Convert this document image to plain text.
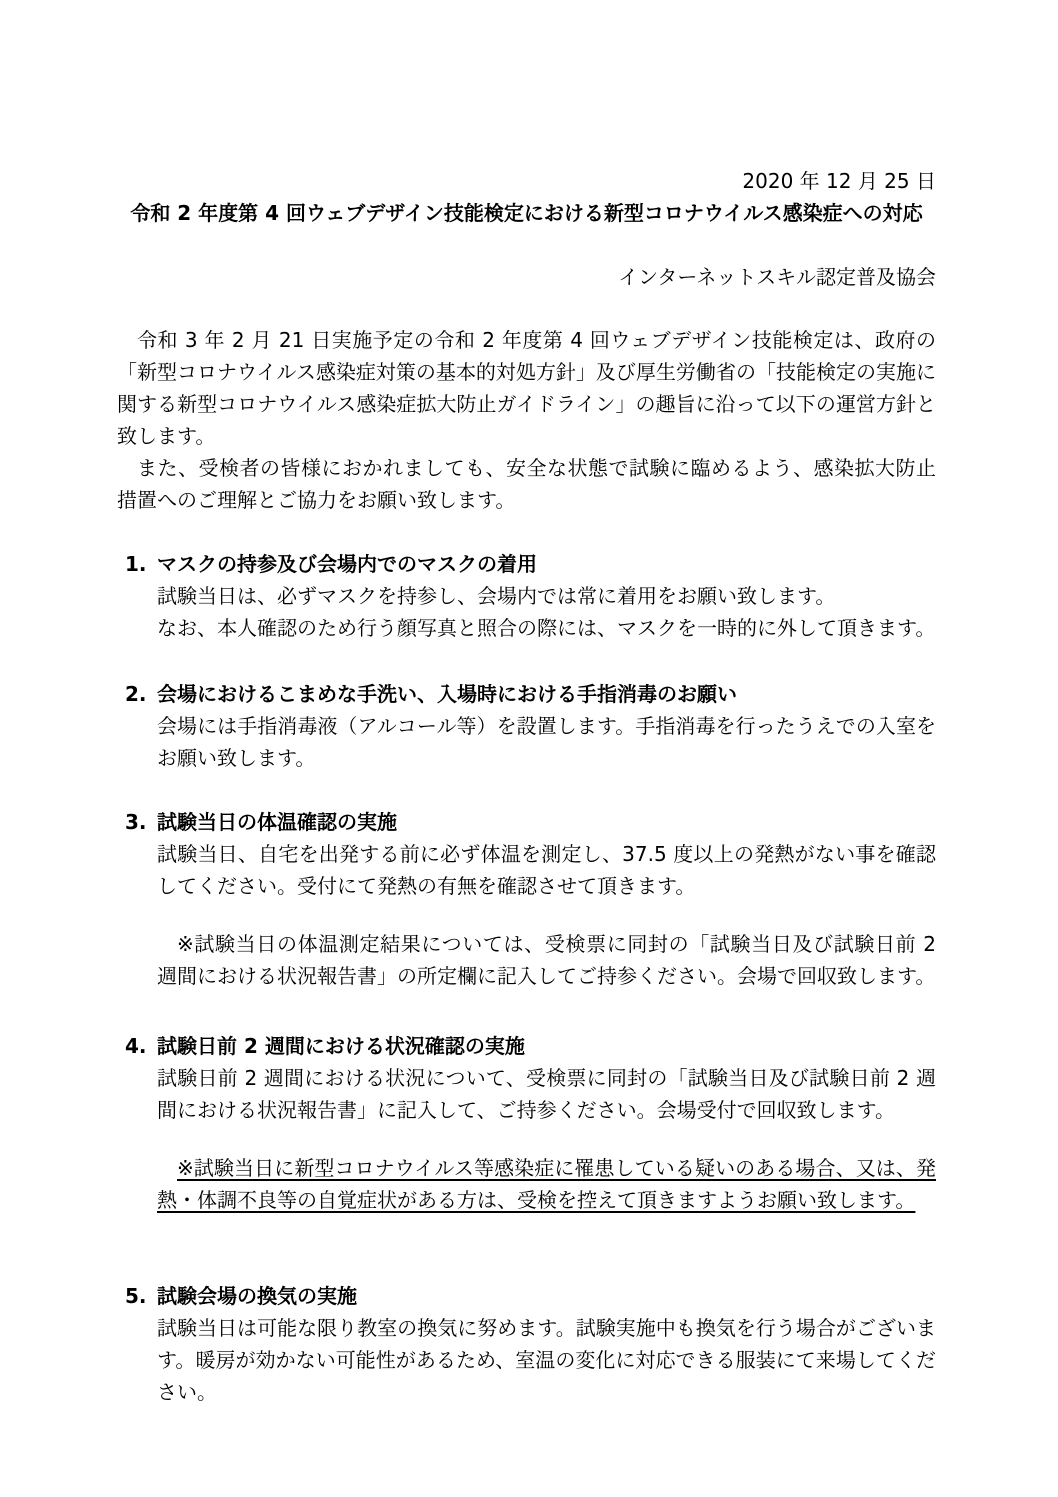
2020 年 12 月 25 日
令和 2 年度第 4 回ウェブデザイン技能検定における新型コロナウイルス感染症への対応
インターネットスキル認定普及協会

令和 3 年 2 月 21 日実施予定の令和 2 年度第 4 回ウェブデザイン技能検定は、政府の「新型コロナウイルス感染症対策の基本的対処方針」及び厚生労働省の「技能検定の実施に関する新型コロナウイルス感染症拡大防止ガイドライン」の趣旨に沿って以下の運営方針と致します。

また、受検者の皆様におかれましても、安全な状態で試験に臨めるよう、感染拡大防止措置へのご理解とご協力をお願い致します。

1. マスクの持参及び会場内でのマスクの着用

試験当日は、必ずマスクを持参し、会場内では常に着用をお願い致します。

なお、本人確認のため行う顔写真と照合の際には、マスクを一時的に外して頂きます。

2. 会場におけるこまめな手洗い、入場時における手指消毒のお願い

会場には手指消毒液（アルコール等）を設置します。手指消毒を行ったうえでの入室をお願い致します。

3. 試験当日の体温確認の実施

試験当日、自宅を出発する前に必ず体温を測定し、37.5 度以上の発熱がない事を確認してください。受付にて発熱の有無を確認させて頂きます。

※試験当日の体温測定結果については、受検票に同封の「試験当日及び試験日前 2 週間における状況報告書」の所定欄に記入してご持参ください。会場で回収致します。

4. 試験日前 2 週間における状況確認の実施

試験日前 2 週間における状況について、受検票に同封の「試験当日及び試験日前 2 週間における状況報告書」に記入して、ご持参ください。会場受付で回収致します。

※試験当日に新型コロナウイルス等感染症に罹患している疑いのある場合、又は、発熱・体調不良等の自覚症状がある方は、受検を控えて頂きますようお願い致します。

5. 試験会場の換気の実施

試験当日は可能な限り教室の換気に努めます。試験実施中も換気を行う場合がございます。暖房が効かない可能性があるため、室温の変化に対応できる服装にて来場してください。
